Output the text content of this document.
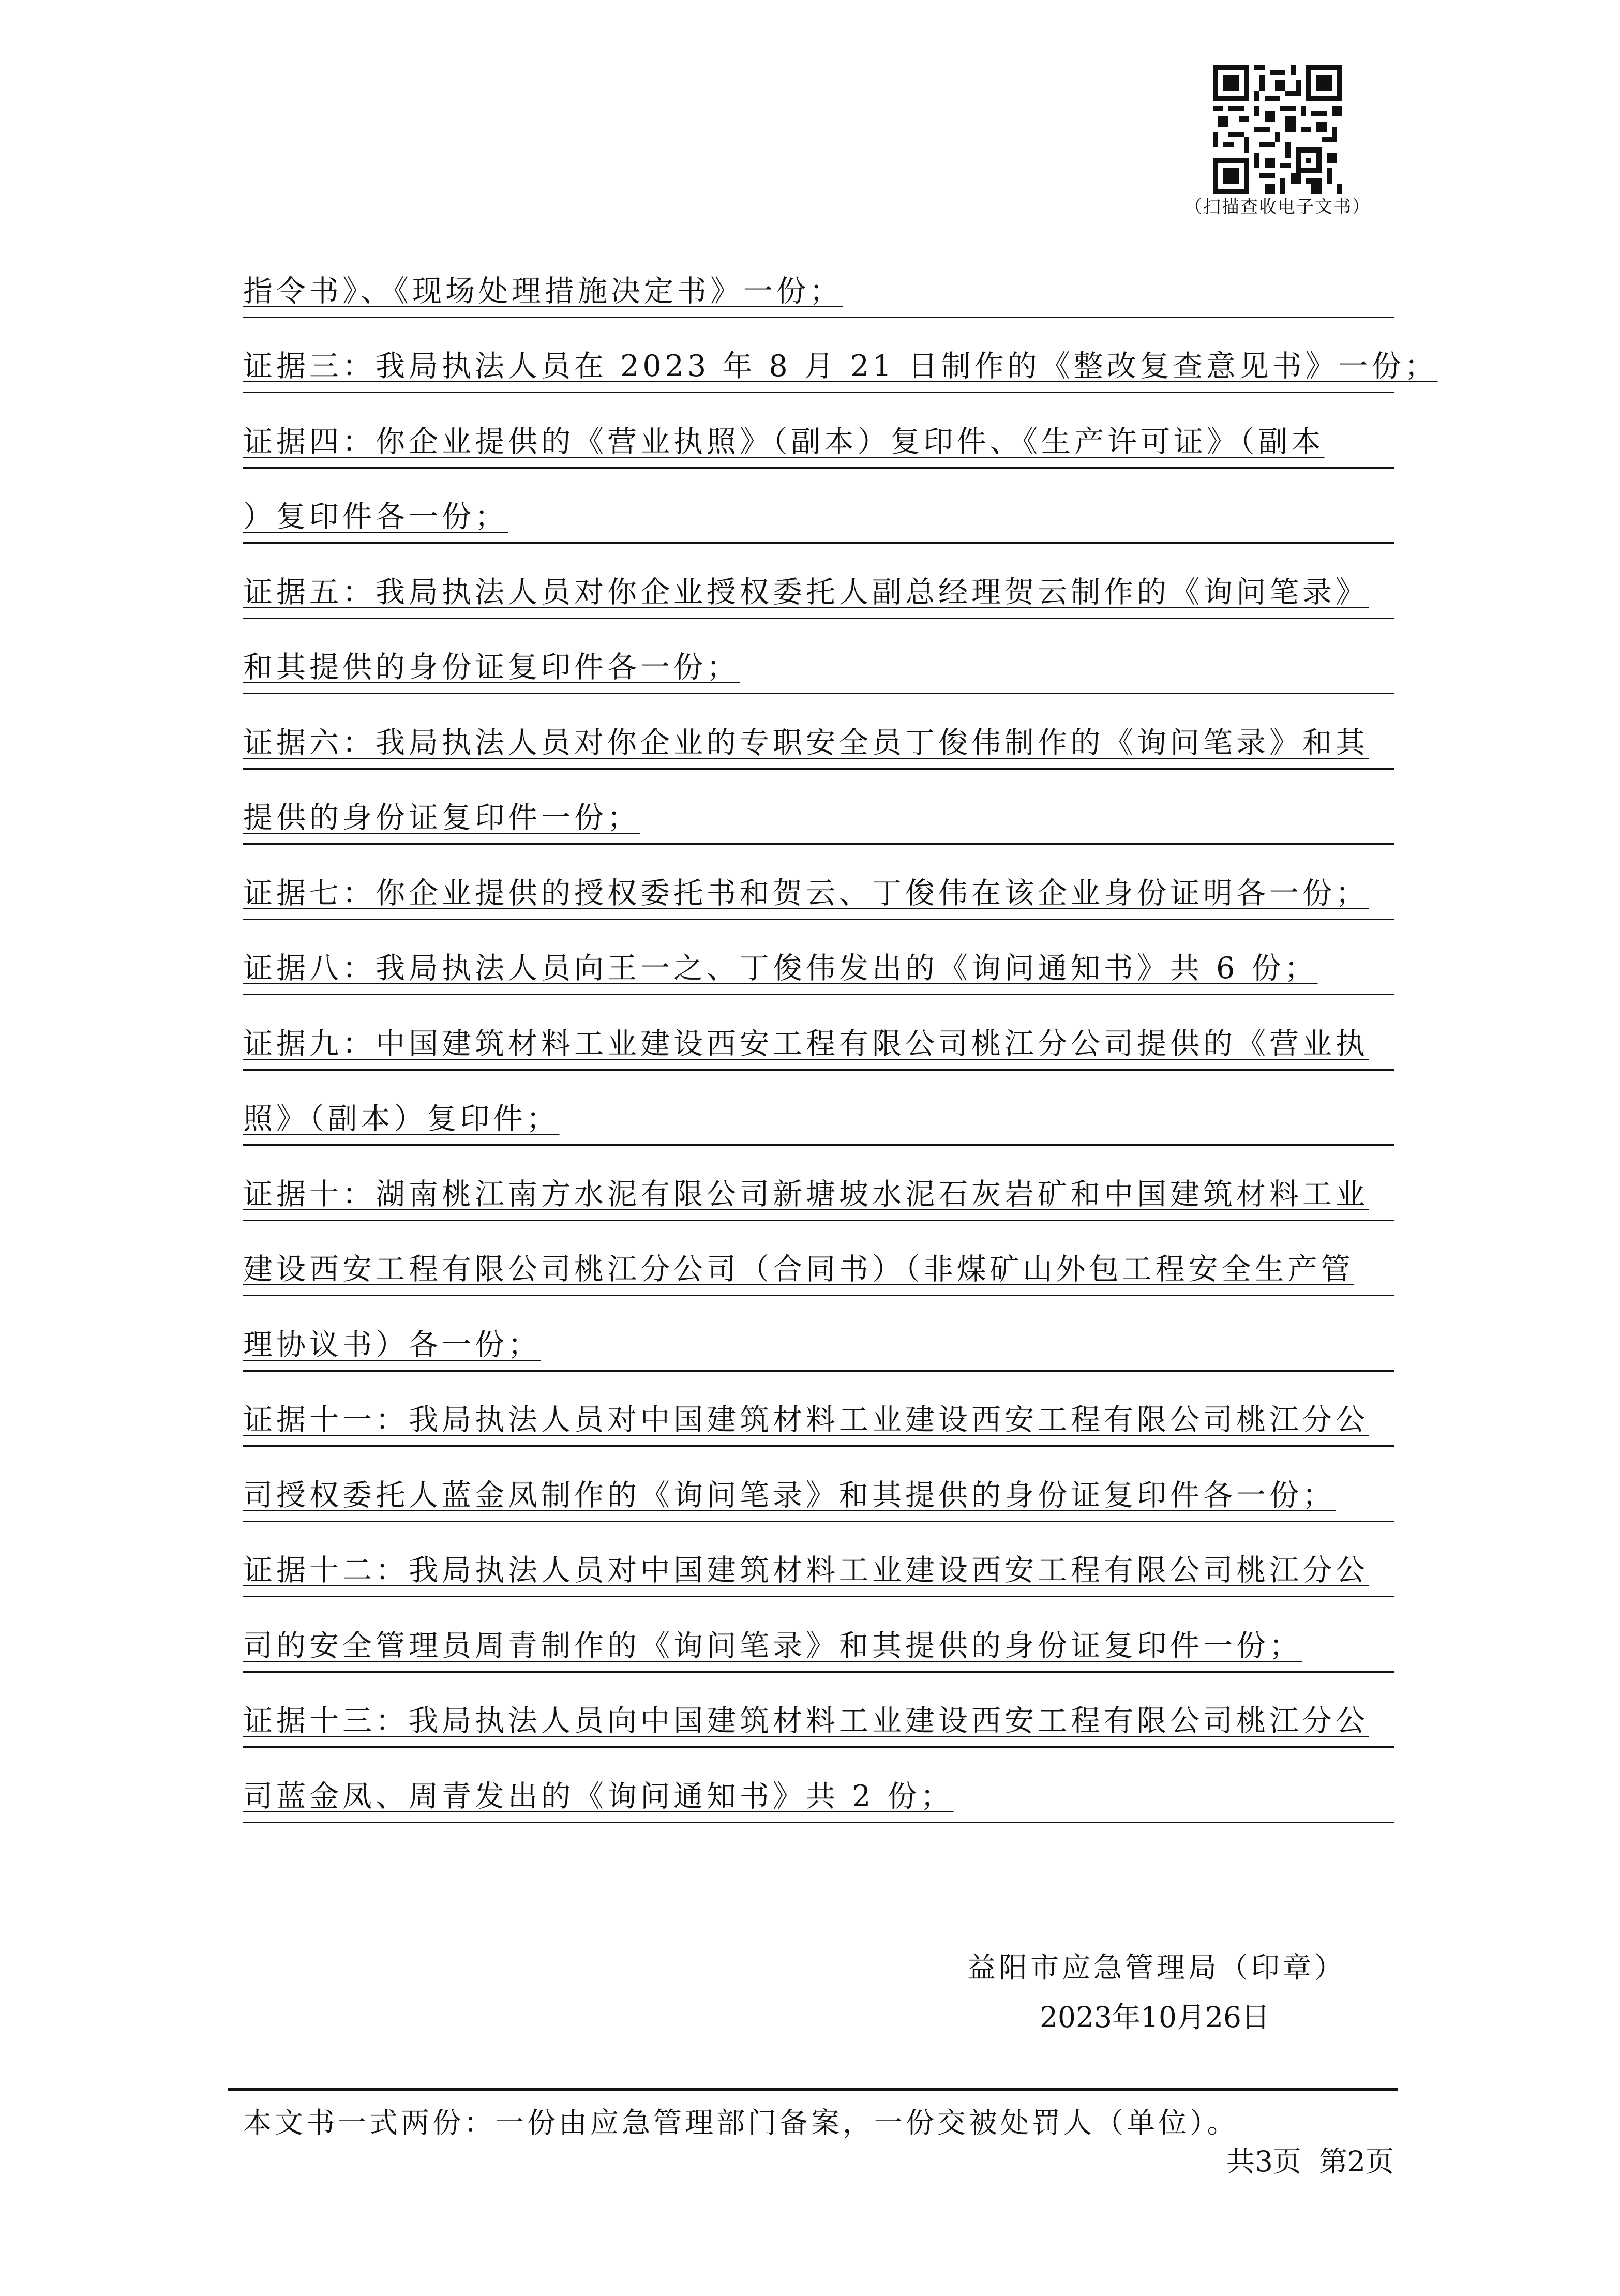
（扫描查收电子文书）
指令书》、《现场处理措施决定书》一份；
证据三：我局执法人员在 2023 年 8 月 21 日制作的《整改复查意见书》一份；
证据四：你企业提供的《营业执照》（副本）复印件、《生产许可证》（副本
）复印件各一份；
证据五：我局执法人员对你企业授权委托人副总经理贺云制作的《询问笔录》
和其提供的身份证复印件各一份；
证据六：我局执法人员对你企业的专职安全员丁俊伟制作的《询问笔录》和其
提供的身份证复印件一份；
证据七：你企业提供的授权委托书和贺云、丁俊伟在该企业身份证明各一份；
证据八：我局执法人员向王一之、丁俊伟发出的《询问通知书》共 6 份；
证据九：中国建筑材料工业建设西安工程有限公司桃江分公司提供的《营业执
照》（副本）复印件；
证据十：湖南桃江南方水泥有限公司新塘坡水泥石灰岩矿和中国建筑材料工业
建设西安工程有限公司桃江分公司（合同书）（非煤矿山外包工程安全生产管
理协议书）各一份；
证据十一：我局执法人员对中国建筑材料工业建设西安工程有限公司桃江分公
司授权委托人蓝金凤制作的《询问笔录》和其提供的身份证复印件各一份；
证据十二：我局执法人员对中国建筑材料工业建设西安工程有限公司桃江分公
司的安全管理员周青制作的《询问笔录》和其提供的身份证复印件一份；
证据十三：我局执法人员向中国建筑材料工业建设西安工程有限公司桃江分公
司蓝金凤、周青发出的《询问通知书》共 2 份；
益阳市应急管理局（印章）
2023年10月26日
本文书一式两份：一份由应急管理部门备案，一份交被处罚人（单位）。
共3页 第2页
